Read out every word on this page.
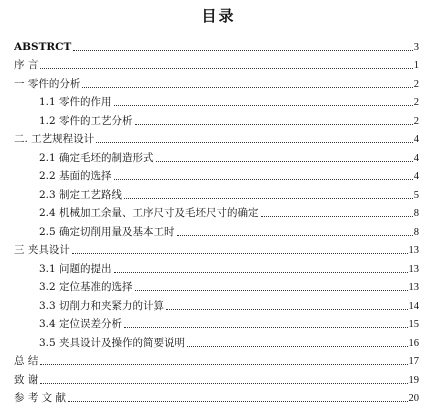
目录
ABSTRCT	3
序 言	1
一 零件的分析	2
1.1 零件的作用	2
1.2 零件的工艺分析	2
二. 工艺规程设计	4
2.1 确定毛坯的制造形式	4
2.2 基面的选择	4
2.3 制定工艺路线	5
2.4 机械加工余量、工序尺寸及毛坯尺寸的确定	8
2.5 确定切削用量及基本工时	8
三 夹具设计	13
3.1 问题的提出	13
3.2 定位基准的选择	13
3.3 切削力和夹紧力的计算	14
3.4 定位误差分析	15
3.5 夹具设计及操作的简要说明	16
总 结	17
致 谢	19
参 考 文 献	20
